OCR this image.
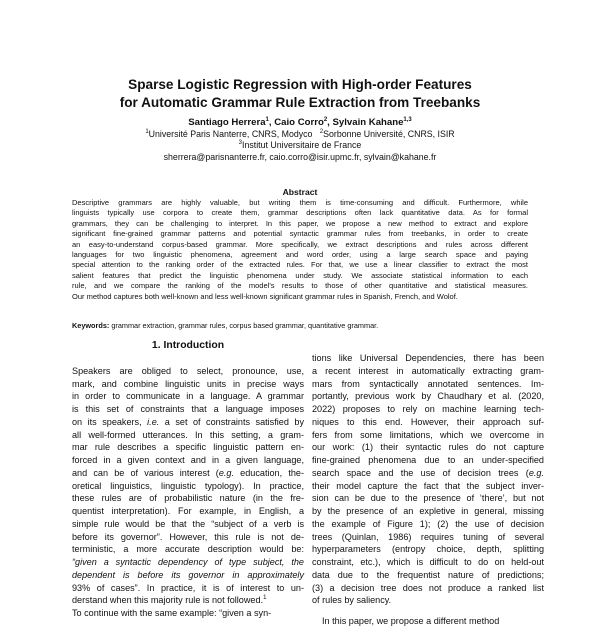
Sparse Logistic Regression with High-order Features
for Automatic Grammar Rule Extraction from Treebanks
Santiago Herrera$^1$, Caio Corro$^2$, Sylvain Kahane$^{1,3}$
$^1$Université Paris Nanterre, CNRS, Modyco $^2$Sorbonne Université, CNRS, ISIR
$^3$Institut Universitaire de France
sherrera@parisnanterre.fr, caio.corro@isir.upmc.fr, sylvain@kahane.fr
Abstract
Descriptive grammars are highly valuable, but writing them is time-consuming and difficult. Furthermore, while
linguists typically use corpora to create them, grammar descriptions often lack quantitative data. As for formal
grammars, they can be challenging to interpret. In this paper, we propose a new method to extract and explore
significant fine-grained grammar patterns and potential syntactic grammar rules from treebanks, in order to create
an easy-to-understand corpus-based grammar. More specifically, we extract descriptions and rules across different
languages for two linguistic phenomena, agreement and word order, using a large search space and paying
special attention to the ranking order of the extracted rules. For that, we use a linear classifier to extract the most
salient features that predict the linguistic phenomena under study. We associate statistical information to each
rule, and we compare the ranking of the model's results to those of other quantitative and statistical measures.
Our method captures both well-known and less well-known significant grammar rules in Spanish, French, and Wolof.
Keywords: grammar extraction, grammar rules, corpus based grammar, quantitative grammar.
1. Introduction
Speakers are obliged to select, pronounce, use,
mark, and combine linguistic units in precise ways
in order to communicate in a language. A grammar
is this set of constraints that a language imposes
on its speakers, i.e. a set of constraints satisfied by
all well-formed utterances. In this setting, a gram-
mar rule describes a specific linguistic pattern en-
forced in a given context and in a given language,
and can be of various interest (e.g. education, the-
oretical linguistics, linguistic typology). In practice,
these rules are of probabilistic nature (in the fre-
quentist interpretation). For example, in English, a
simple rule would be that the “subject of a verb is
before its governor”. However, this rule is not de-
terministic, a more accurate description would be:
“given a syntactic dependency of type subject, the
dependent is before its governor in approximately
93% of cases”. In practice, it is of interest to un-
derstand when this majority rule is not followed.$^1$
To continue with the same example: “given a syn-
tions like Universal Dependencies, there has been
a recent interest in automatically extracting gram-
mars from syntactically annotated sentences. Im-
portantly, previous work by Chaudhary et al. (2020,
2022) proposes to rely on machine learning tech-
niques to this end. However, their approach suf-
fers from some limitations, which we overcome in
our work: (1) their syntactic rules do not capture
fine-grained phenomena due to an under-specified
search space and the use of decision trees (e.g.
their model capture the fact that the subject inver-
sion can be due to the presence of ‘there’, but not
by the presence of an expletive in general, missing
the example of Figure 1); (2) the use of decision
trees (Quinlan, 1986) requires tuning of several
hyperparameters (entropy choice, depth, splitting
constraint, etc.), which is difficult to do on held-out
data due to the frequentist nature of predictions;
(3) a decision tree does not produce a ranked list
of rules by saliency.
In this paper, we propose a different method
